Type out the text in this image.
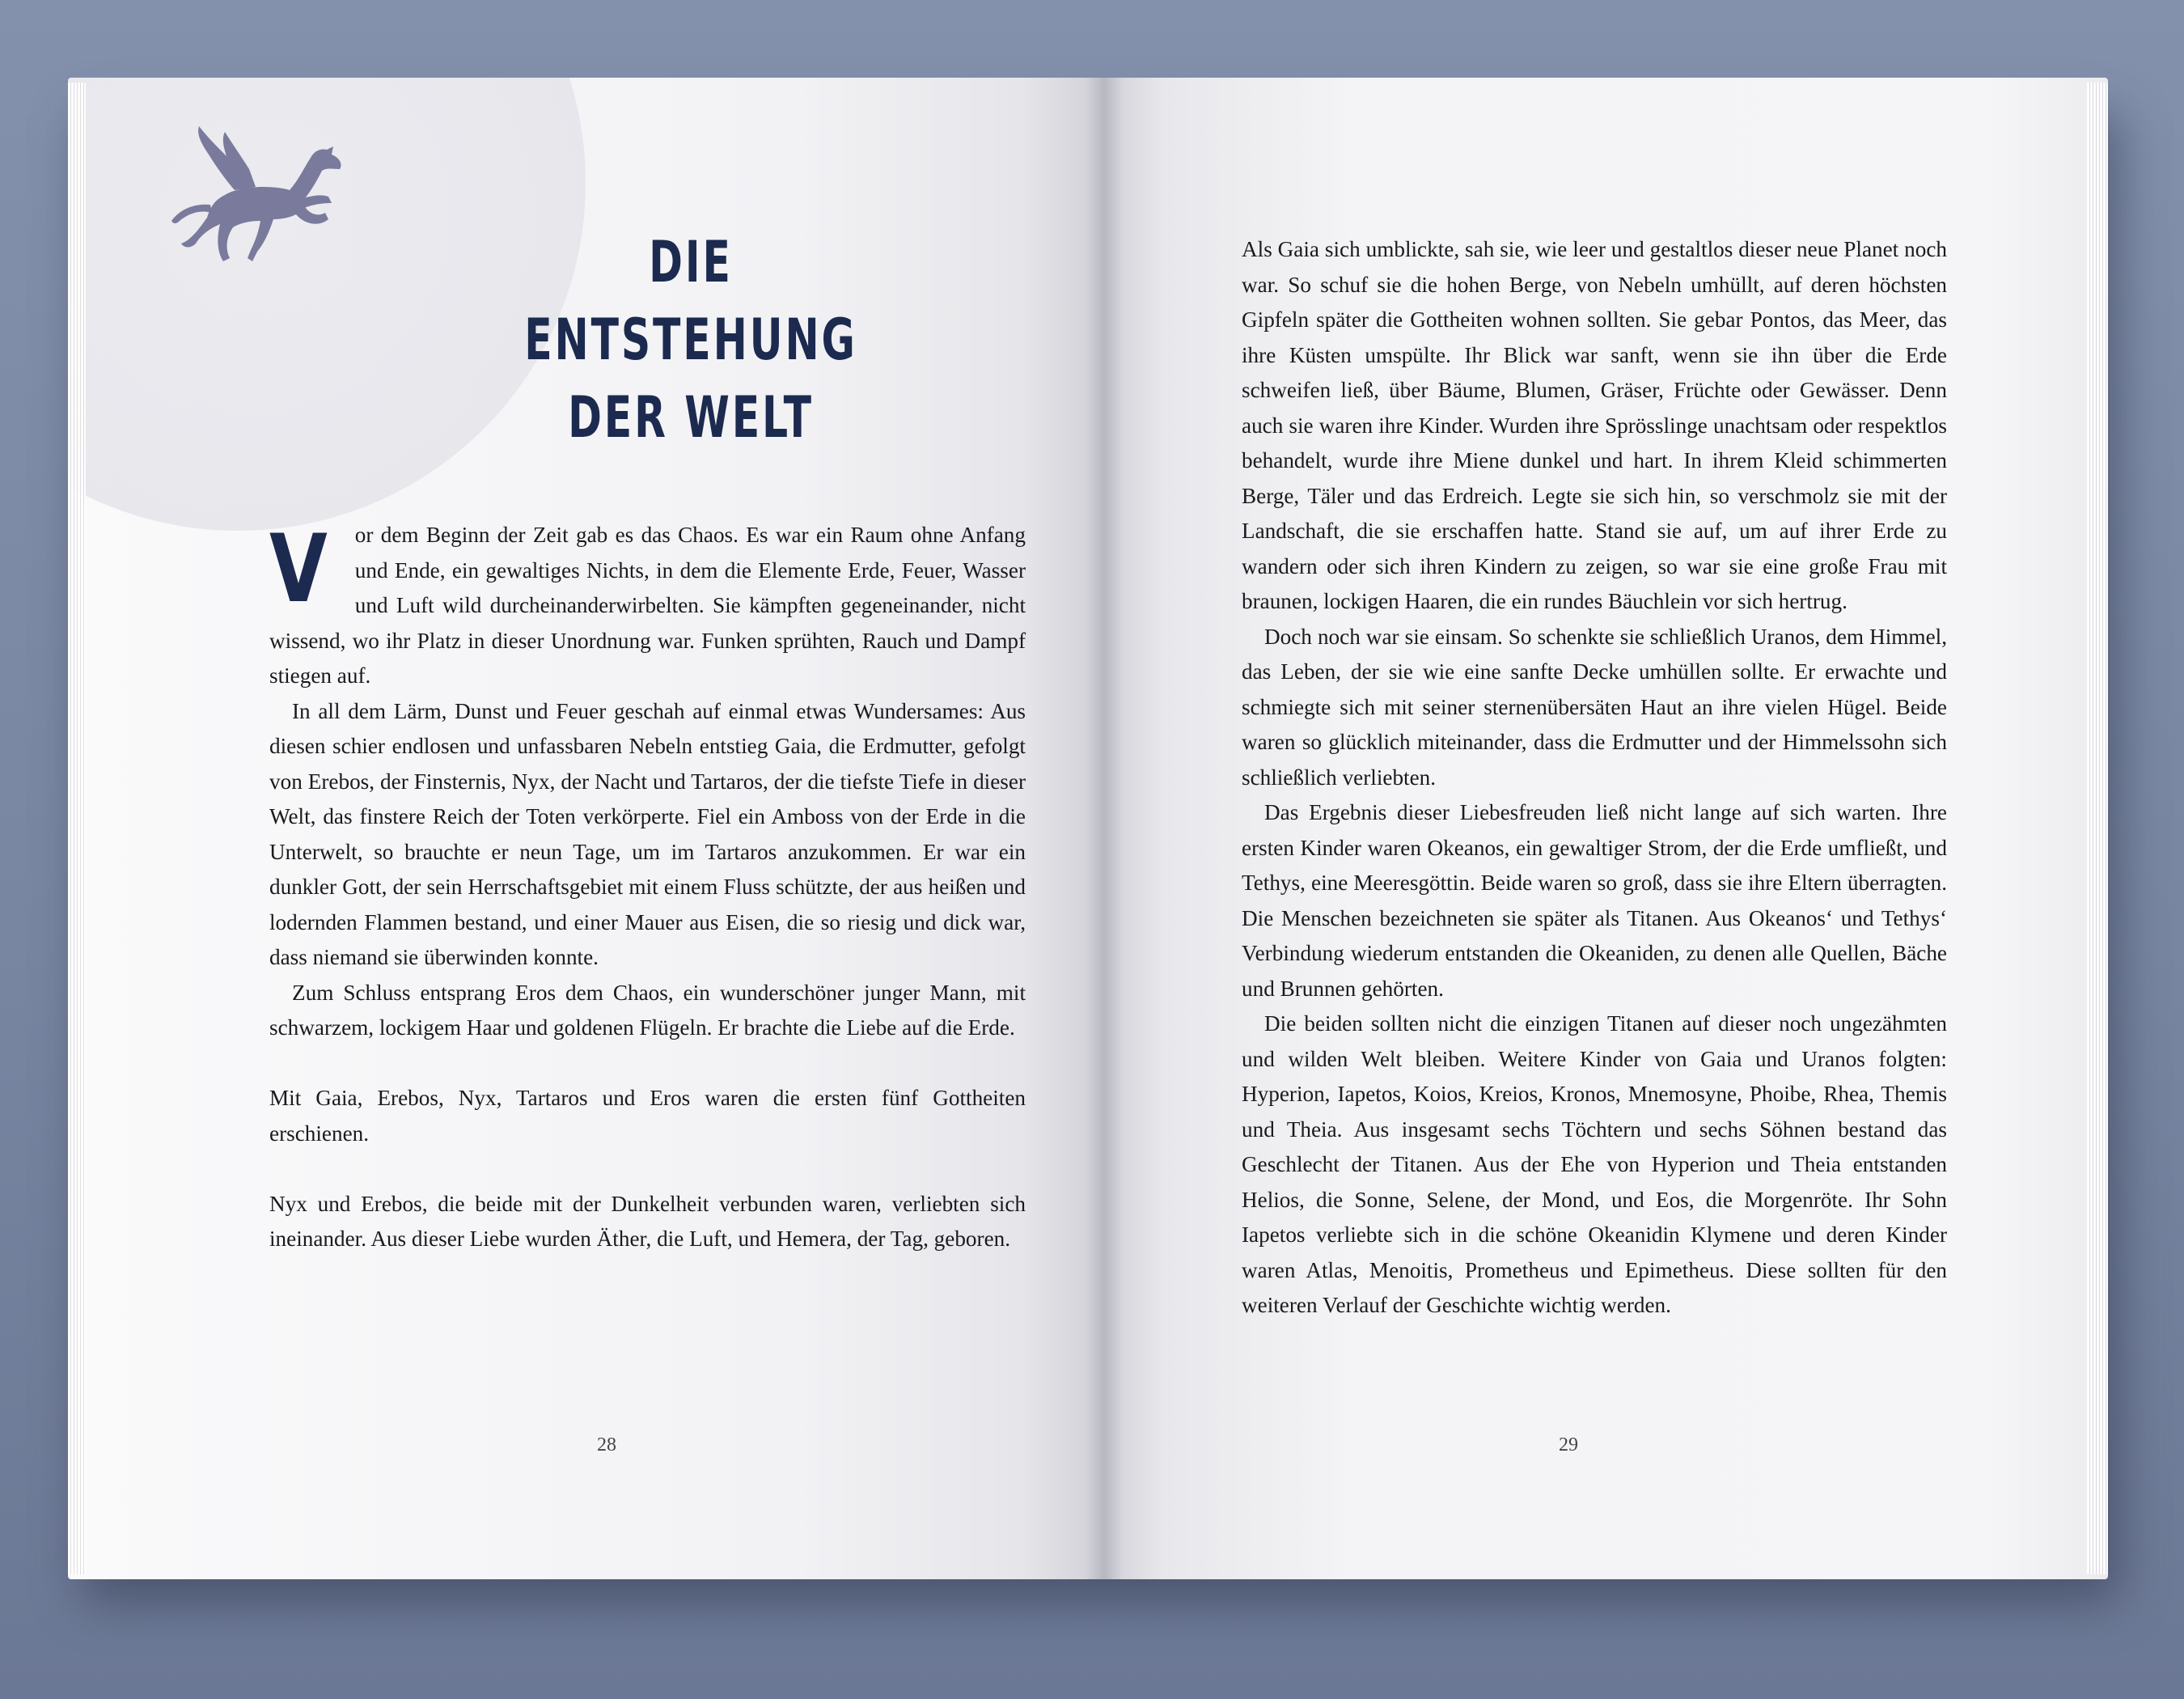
DIE
ENTSTEHUNG
DER WELT

V or dem Beginn der Zeit gab es das Chaos. Es war ein Raum ohne Anfang und Ende, ein gewaltiges Nichts, in dem die Elemente Erde, Feuer, Wasser und Luft wild durcheinanderwirbelten. Sie kämpften gegeneinander, nicht wissend, wo ihr Platz in dieser Unordnung war. Funken sprühten, Rauch und Dampf stiegen auf.

In all dem Lärm, Dunst und Feuer geschah auf einmal etwas Wundersames: Aus diesen schier endlosen und unfassbaren Nebeln entstieg Gaia, die Erdmutter, gefolgt von Erebos, der Finsternis, Nyx, der Nacht und Tartaros, der die tiefste Tiefe in dieser Welt, das finstere Reich der Toten verkörperte. Fiel ein Amboss von der Erde in die Unterwelt, so brauchte er neun Tage, um im Tartaros anzukommen. Er war ein dunkler Gott, der sein Herrschaftsgebiet mit einem Fluss schützte, der aus heißen und lodernden Flammen bestand, und einer Mauer aus Eisen, die so riesig und dick war, dass niemand sie überwinden konnte.

Zum Schluss entsprang Eros dem Chaos, ein wunderschöner junger Mann, mit schwarzem, lockigem Haar und goldenen Flügeln. Er brachte die Liebe auf die Erde.

Mit Gaia, Erebos, Nyx, Tartaros und Eros waren die ersten fünf Gottheiten erschienen.

Nyx und Erebos, die beide mit der Dunkelheit verbunden waren, verliebten sich ineinander. Aus dieser Liebe wurden Äther, die Luft, und Hemera, der Tag, geboren.

28

Als Gaia sich umblickte, sah sie, wie leer und gestaltlos dieser neue Planet noch war. So schuf sie die hohen Berge, von Nebeln umhüllt, auf deren höchsten Gipfeln später die Gottheiten wohnen sollten. Sie gebar Pontos, das Meer, das ihre Küsten umspülte. Ihr Blick war sanft, wenn sie ihn über die Erde schweifen ließ, über Bäume, Blumen, Gräser, Früchte oder Gewässer. Denn auch sie waren ihre Kinder. Wurden ihre Sprösslinge unachtsam oder respektlos behandelt, wurde ihre Miene dunkel und hart. In ihrem Kleid schimmerten Berge, Täler und das Erdreich. Legte sie sich hin, so verschmolz sie mit der Landschaft, die sie erschaffen hatte. Stand sie auf, um auf ihrer Erde zu wandern oder sich ihren Kindern zu zeigen, so war sie eine große Frau mit braunen, lockigen Haaren, die ein rundes Bäuchlein vor sich hertrug.

Doch noch war sie einsam. So schenkte sie schließlich Uranos, dem Himmel, das Leben, der sie wie eine sanfte Decke umhüllen sollte. Er erwachte und schmiegte sich mit seiner sternenübersäten Haut an ihre vielen Hügel. Beide waren so glücklich miteinander, dass die Erdmutter und der Himmelssohn sich schließlich verliebten.

Das Ergebnis dieser Liebesfreuden ließ nicht lange auf sich warten. Ihre ersten Kinder waren Okeanos, ein gewaltiger Strom, der die Erde umfließt, und Tethys, eine Meeresgöttin. Beide waren so groß, dass sie ihre Eltern überragten. Die Menschen bezeichneten sie später als Titanen. Aus Okeanos‘ und Tethys‘ Verbindung wiederum entstanden die Okeaniden, zu denen alle Quellen, Bäche und Brunnen gehörten.

Die beiden sollten nicht die einzigen Titanen auf dieser noch ungezähmten und wilden Welt bleiben. Weitere Kinder von Gaia und Uranos folgten: Hyperion, Iapetos, Koios, Kreios, Kronos, Mnemosyne, Phoibe, Rhea, Themis und Theia. Aus insgesamt sechs Töchtern und sechs Söhnen bestand das Geschlecht der Titanen. Aus der Ehe von Hyperion und Theia entstanden Helios, die Sonne, Selene, der Mond, und Eos, die Morgenröte. Ihr Sohn Iapetos verliebte sich in die schöne Okeanidin Klymene und deren Kinder waren Atlas, Menoitis, Prometheus und Epimetheus. Diese sollten für den weiteren Verlauf der Geschichte wichtig werden.

29
